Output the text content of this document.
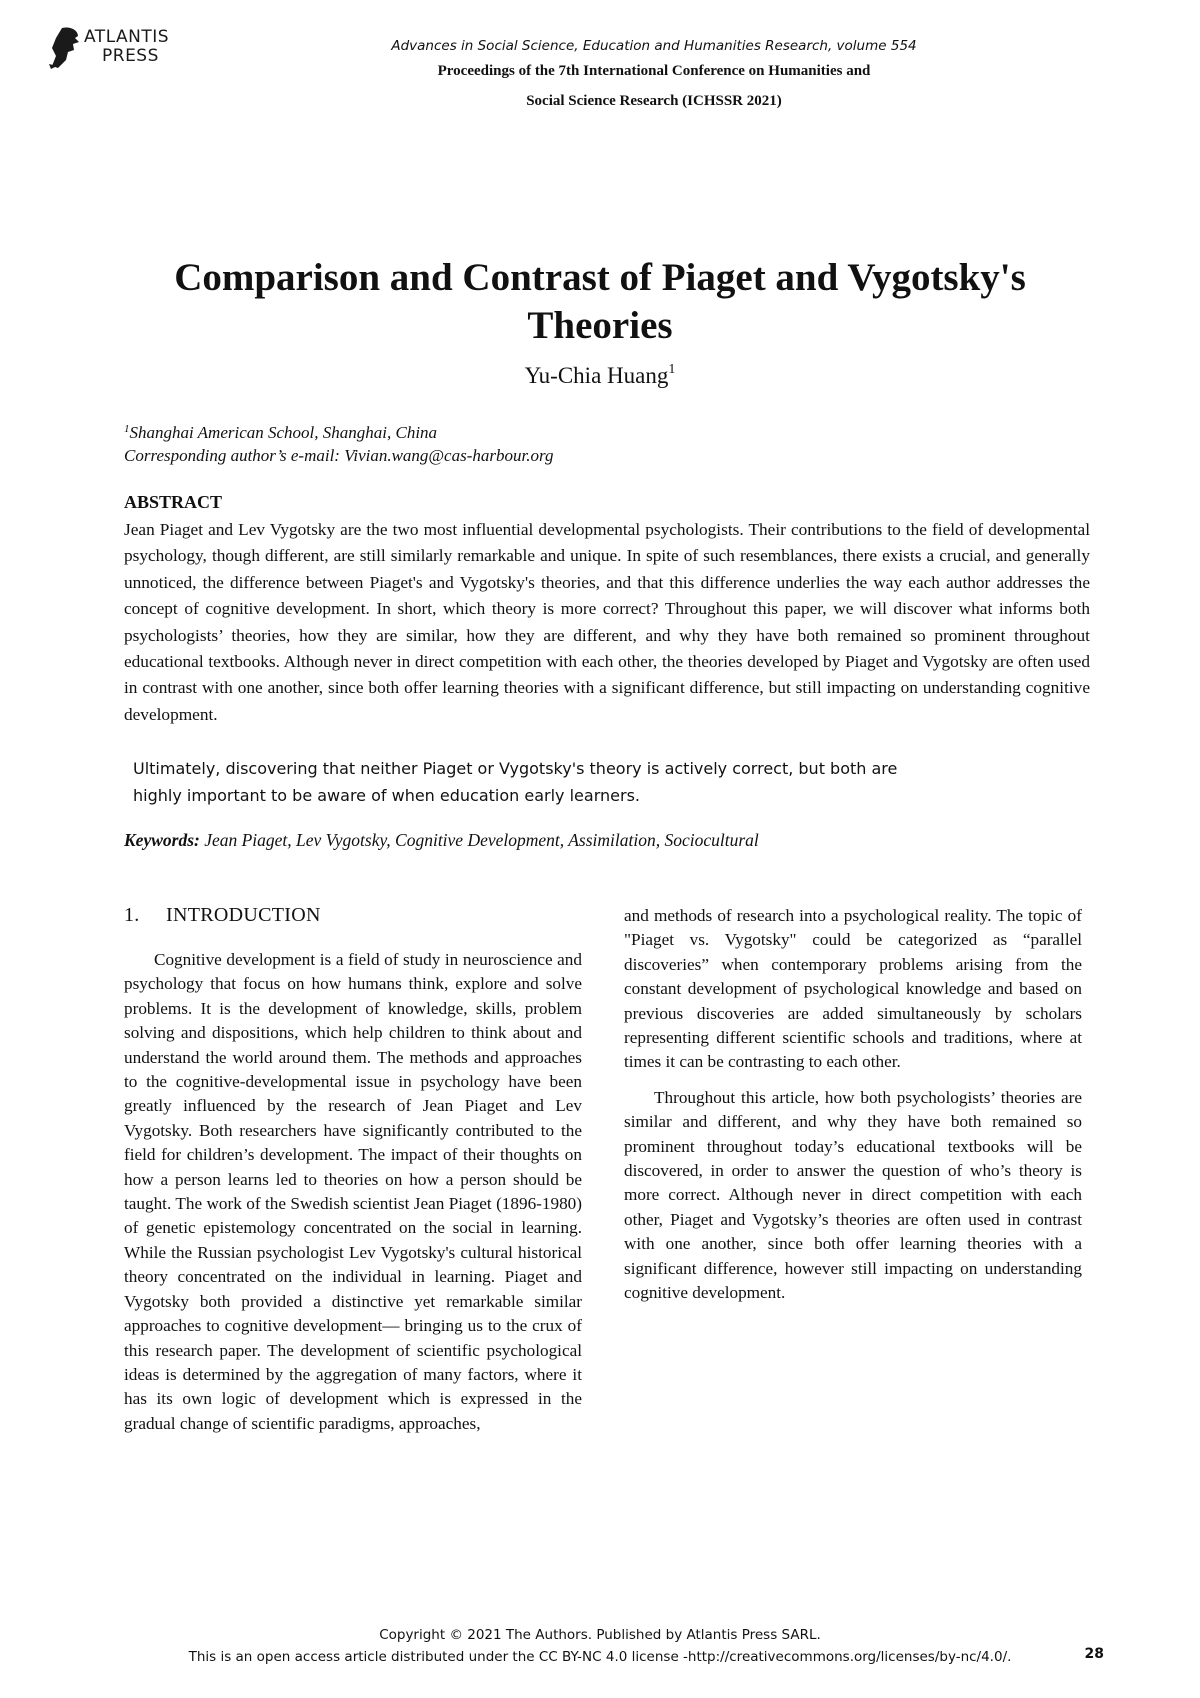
ATLANTIS
PRESS	Advances in Social Science, Education and Humanities Research, volume 554
Proceedings of the 7th International Conference on Humanities and
Social Science Research (ICHSSR 2021)
Comparison and Contrast of Piaget and Vygotsky's
Theories
Yu-Chia Huang$^1$
$^1$Shanghai American School, Shanghai, China
Corresponding author’s e-mail: Vivian.wang@cas-harbour.org
ABSTRACT
Jean Piaget and Lev Vygotsky are the two most influential developmental psychologists. Their contributions to the field of developmental psychology, though different, are still similarly remarkable and unique. In spite of such resemblances, there exists a crucial, and generally unnoticed, the difference between Piaget's and Vygotsky's theories, and that this difference underlies the way each author addresses the concept of cognitive development. In short, which theory is more correct? Throughout this paper, we will discover what informs both psychologists’ theories, how they are similar, how they are different, and why they have both remained so prominent throughout educational textbooks. Although never in direct competition with each other, the theories developed by Piaget and Vygotsky are often used in contrast with one another, since both offer learning theories with a significant difference, but still impacting on understanding cognitive development.
Ultimately, discovering that neither Piaget or Vygotsky's theory is actively correct, but both are
highly important to be aware of when education early learners.
Keywords: Jean Piaget, Lev Vygotsky, Cognitive Development, Assimilation, Sociocultural
1. INTRODUCTION

Cognitive development is a field of study in neuroscience and psychology that focus on how humans think, explore and solve problems. It is the development of knowledge, skills, problem solving and dispositions, which help children to think about and understand the world around them. The methods and approaches to the cognitive-developmental issue in psychology have been greatly influenced by the research of Jean Piaget and Lev Vygotsky. Both researchers have significantly contributed to the field for children’s development. The impact of their thoughts on how a person learns led to theories on how a person should be taught. The work of the Swedish scientist Jean Piaget (1896-1980) of genetic epistemology concentrated on the social in learning. While the Russian psychologist Lev Vygotsky's cultural historical theory concentrated on the individual in learning. Piaget and Vygotsky both provided a distinctive yet remarkable similar approaches to cognitive development— bringing us to the crux of this research paper. The development of scientific psychological ideas is determined by the aggregation of many factors, where it has its own logic of development which is expressed in the gradual change of scientific paradigms, approaches,

and methods of research into a psychological reality. The topic of "Piaget vs. Vygotsky" could be categorized as “parallel discoveries” when contemporary problems arising from the constant development of psychological knowledge and based on previous discoveries are added simultaneously by scholars representing different scientific schools and traditions, where at times it can be contrasting to each other.

Throughout this article, how both psychologists’ theories are similar and different, and why they have both remained so prominent throughout today’s educational textbooks will be discovered, in order to answer the question of who’s theory is more correct. Although never in direct competition with each other, Piaget and Vygotsky’s theories are often used in contrast with one another, since both offer learning theories with a significant difference, however still impacting on understanding cognitive development.

Copyright © 2021 The Authors. Published by Atlantis Press SARL.
This is an open access article distributed under the CC BY-NC 4.0 license -http://creativecommons.org/licenses/by-nc/4.0/.	28
